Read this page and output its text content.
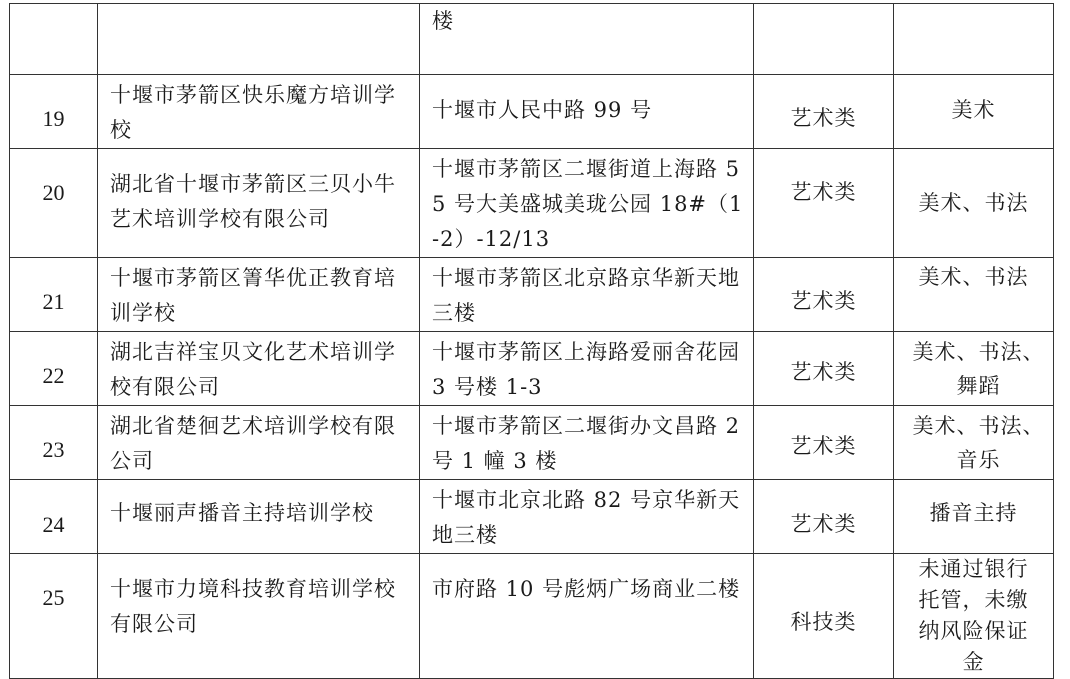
		楼		
19	十堰市茅箭区快乐魔方培训学校	十堰市人民中路 99 号	艺术类	美术
20	湖北省十堰市茅箭区三贝小牛艺术培训学校有限公司	十堰市茅箭区二堰街道上海路 55 号大美盛城美珑公园 18#（1-2）-12/13	艺术类	美术、书法
21	十堰市茅箭区箐华优正教育培训学校	十堰市茅箭区北京路京华新天地三楼	艺术类	美术、书法
22	湖北吉祥宝贝文化艺术培训学校有限公司	十堰市茅箭区上海路爱丽舍花园 3 号楼 1-3	艺术类	美术、书法、舞蹈
23	湖北省楚徊艺术培训学校有限公司	十堰市茅箭区二堰街办文昌路 2 号 1 幢 3 楼	艺术类	美术、书法、音乐
24	十堰丽声播音主持培训学校	十堰市北京北路 82 号京华新天地三楼	艺术类	播音主持
25	十堰市力境科技教育培训学校有限公司	市府路 10 号彪炳广场商业二楼	科技类	未通过银行托管，未缴纳风险保证金
